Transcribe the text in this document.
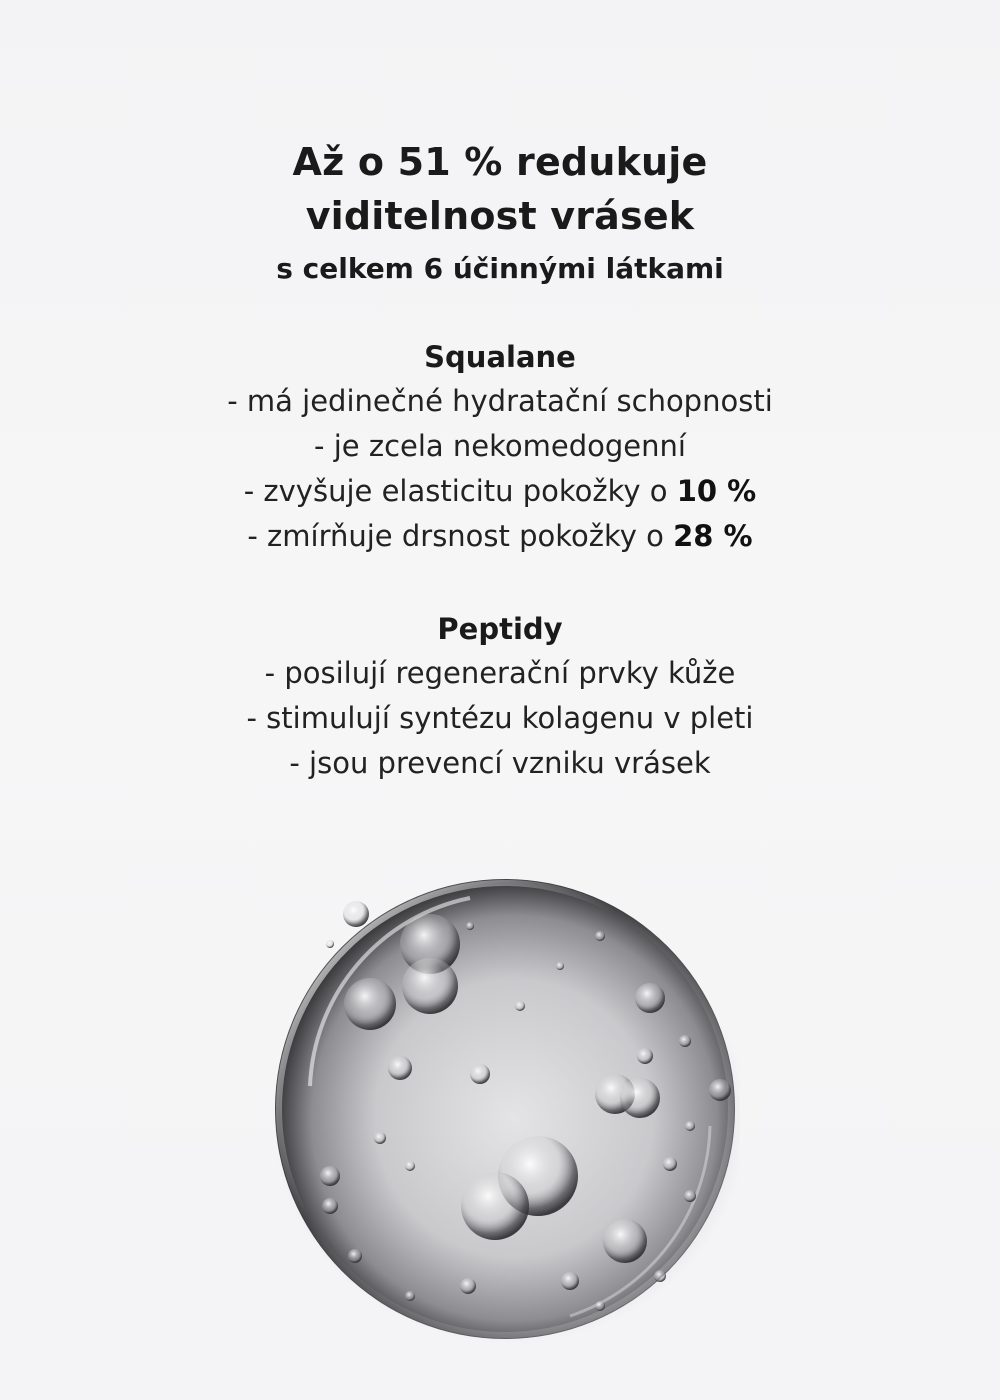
Až o 51 % redukuje
viditelnost vrásek

s celkem 6 účinnými látkami

Squalane
- má jedinečné hydratační schopnosti
- je zcela nekomedogenní
- zvyšuje elasticitu pokožky o 10 %
- zmírňuje drsnost pokožky o 28 %
Peptidy
- posilují regenerační prvky kůže
- stimulují syntézu kolagenu v pleti
- jsou prevencí vzniku vrásek
